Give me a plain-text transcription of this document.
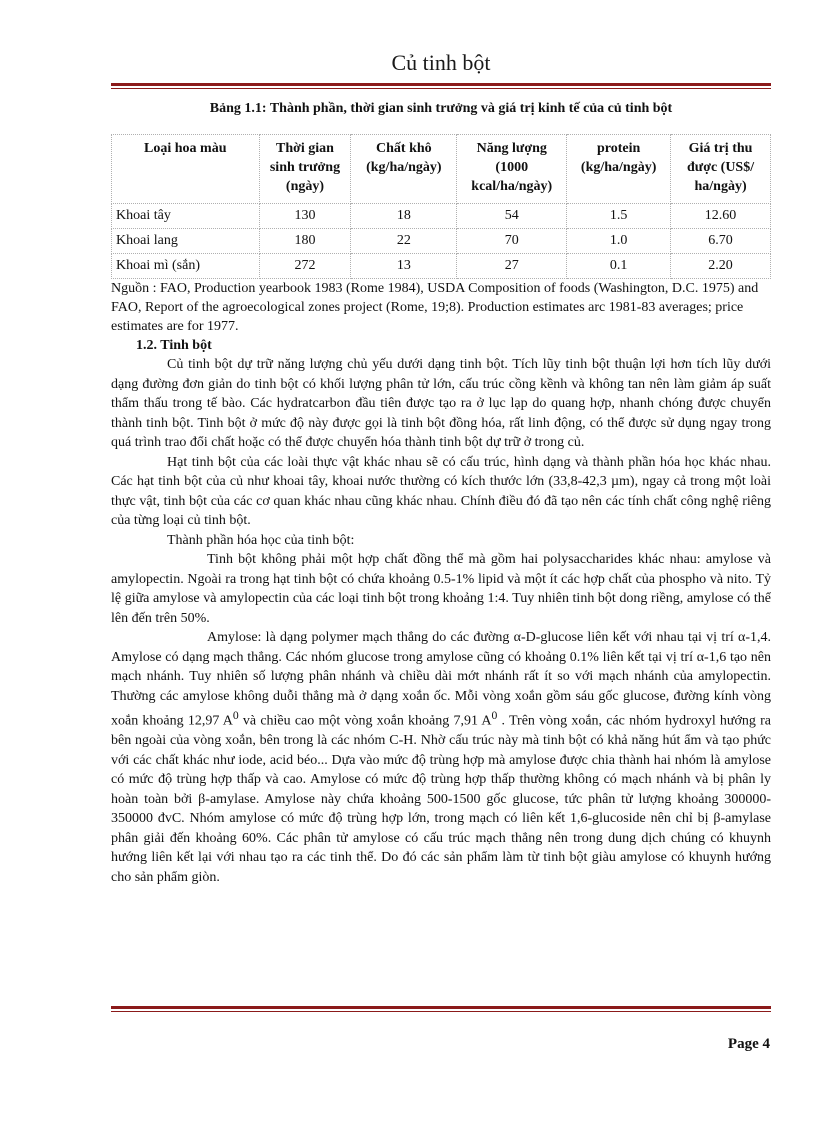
Củ tinh bột
Bảng 1.1: Thành phần, thời gian sinh trưởng và giá trị kinh tế của củ tinh bột
Loại hoa màu	Thời gian sinh trưởng (ngày)	Chất khô (kg/ha/ngày)	Năng lượng (1000 kcal/ha/ngày)	protein (kg/ha/ngày)	Giá trị thu được (US$/ ha/ngày)
Khoai tây	130	18	54	1.5	12.60
Khoai lang	180	22	70	1.0	6.70
Khoai mì (sắn)	272	13	27	0.1	2.20
Nguồn : FAO, Production yearbook 1983 (Rome 1984), USDA Composition of foods (Washington, D.C. 1975) and FAO, Report of the agroecological zones project (Rome, 19;8). Production estimates arc 1981-83 averages; price estimates are for 1977.
1.2. Tinh bột

Củ tinh bột dự trữ năng lượng chủ yếu dưới dạng tinh bột. Tích lũy tinh bột thuận lợi hơn tích lũy dưới dạng đường đơn giản do tinh bột có khối lượng phân tử lớn, cấu trúc cồng kềnh và không tan nên làm giảm áp suất thẩm thấu trong tế bào. Các hydratcarbon đầu tiên được tạo ra ở lục lạp do quang hợp, nhanh chóng được chuyển thành tinh bột. Tinh bột ở mức độ này được gọi là tinh bột đồng hóa, rất linh động, có thể được sử dụng ngay trong quá trình trao đổi chất hoặc có thể được chuyển hóa thành tinh bột dự trữ ở trong củ.

Hạt tinh bột của các loài thực vật khác nhau sẽ có cấu trúc, hình dạng và thành phần hóa học khác nhau. Các hạt tinh bột của củ như khoai tây, khoai nước thường có kích thước lớn (33,8-42,3 µm), ngay cả trong một loài thực vật, tinh bột của các cơ quan khác nhau cũng khác nhau. Chính điều đó đã tạo nên các tính chất công nghệ riêng của từng loại củ tinh bột.

Thành phần hóa học của tinh bột:

Tinh bột không phải một hợp chất đồng thể mà gồm hai polysaccharides khác nhau: amylose và amylopectin. Ngoài ra trong hạt tinh bột có chứa khoảng 0.5-1% lipid và một ít các hợp chất của phospho và nito. Tỷ lệ giữa amylose và amylopectin của các loại tinh bột trong khoảng 1:4. Tuy nhiên tinh bột dong riềng, amylose có thể lên đến trên 50%.

Amylose: là dạng polymer mạch thẳng do các đường α-D-glucose liên kết với nhau tại vị trí α-1,4. Amylose có dạng mạch thẳng. Các nhóm glucose trong amylose cũng có khoảng 0.1% liên kết tại vị trí α-1,6 tạo nên mạch nhánh. Tuy nhiên số lượng phân nhánh và chiều dài mớt nhánh rất ít so với mạch nhánh của amylopectin. Thường các amylose không duỗi thẳng mà ở dạng xoắn ốc. Mỗi vòng xoắn gồm sáu gốc glucose, đường kính vòng xoắn khoảng 12,97 $A^0$ và chiều cao một vòng xoắn khoảng 7,91 $A^0$ . Trên vòng xoắn, các nhóm hydroxyl hướng ra bên ngoài của vòng xoắn, bên trong là các nhóm C-H. Nhờ cấu trúc này mà tinh bột có khả năng hút ẩm và tạo phức với các chất khác như iode, acid béo... Dựa vào mức độ trùng hợp mà amylose được chia thành hai nhóm là amylose có mức độ trùng hợp thấp và cao. Amylose có mức độ trùng hợp thấp thường không có mạch nhánh và bị phân ly hoàn toàn bởi β-amylase. Amylose này chứa khoảng 500-1500 gốc glucose, tức phân tử lượng khoảng 300000-350000 đvC. Nhóm amylose có mức độ trùng hợp lớn, trong mạch có liên kết 1,6-glucoside nên chỉ bị β-amylase phân giải đến khoảng 60%. Các phân tử amylose có cấu trúc mạch thẳng nên trong dung dịch chúng có khuynh hướng liên kết lại với nhau tạo ra các tinh thể. Do đó các sản phẩm làm từ tinh bột giàu amylose có khuynh hướng cho sản phẩm giòn.

Page 4
